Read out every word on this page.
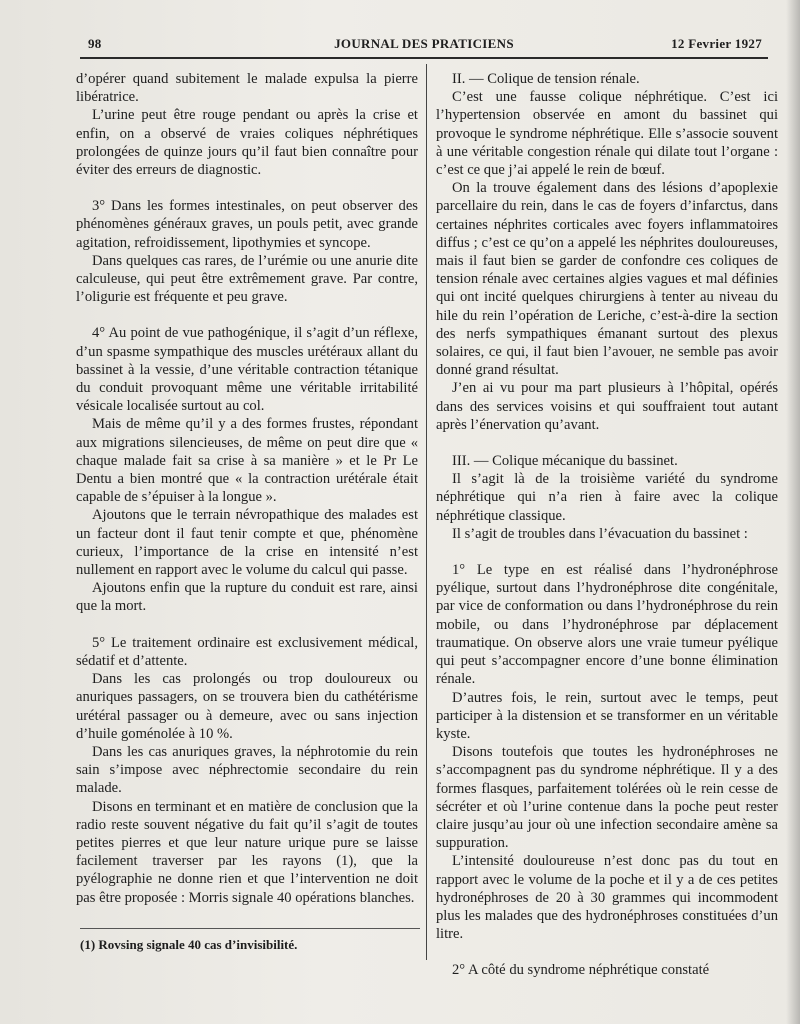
98	JOURNAL DES PRATICIENS	12 Fevrier 1927

d’opérer quand subitement le malade expulsa la pierre libératrice.

L’urine peut être rouge pendant ou après la crise et enfin, on a observé de vraies coliques néphrétiques prolongées de quinze jours qu’il faut bien connaître pour éviter des erreurs de diagnostic.

3° Dans les formes intestinales, on peut observer des phénomènes généraux graves, un pouls petit, avec grande agitation, refroidissement, lipothymies et syncope.

Dans quelques cas rares, de l’urémie ou une anurie dite calculeuse, qui peut être extrêmement grave. Par contre, l’oligurie est fréquente et peu grave.

4° Au point de vue pathogénique, il s’agit d’un réflexe, d’un spasme sympathique des muscles urétéraux allant du bassinet à la vessie, d’une véritable contraction tétanique du conduit provoquant même une véritable irritabilité vésicale localisée surtout au col.

Mais de même qu’il y a des formes frustes, répondant aux migrations silencieuses, de même on peut dire que « chaque malade fait sa crise à sa manière » et le Pr Le Dentu a bien montré que « la contraction urétérale était capable de s’épuiser à la longue ».

Ajoutons que le terrain névropathique des malades est un facteur dont il faut tenir compte et que, phénomène curieux, l’importance de la crise en intensité n’est nullement en rapport avec le volume du calcul qui passe.

Ajoutons enfin que la rupture du conduit est rare, ainsi que la mort.

5° Le traitement ordinaire est exclusivement médical, sédatif et d’attente.

Dans les cas prolongés ou trop douloureux ou anuriques passagers, on se trouvera bien du cathétérisme urétéral passager ou à demeure, avec ou sans injection d’huile goménolée à 10 %.

Dans les cas anuriques graves, la néphrotomie du rein sain s’impose avec néphrectomie secondaire du rein malade.

Disons en terminant et en matière de conclusion que la radio reste souvent négative du fait qu’il s’agit de toutes petites pierres et que leur nature urique pure se laisse facilement traverser par les rayons (1), que la pyélographie ne donne rien et que l’intervention ne doit pas être proposée : Morris signale 40 opérations blanches.

II. — Colique de tension rénale.

C’est une fausse colique néphrétique. C’est ici l’hypertension observée en amont du bassinet qui provoque le syndrome néphrétique. Elle s’associe souvent à une véritable congestion rénale qui dilate tout l’organe : c’est ce que j’ai appelé le rein de bœuf.

On la trouve également dans des lésions d’apoplexie parcellaire du rein, dans le cas de foyers d’infarctus, dans certaines néphrites corticales avec foyers inflammatoires diffus ; c’est ce qu’on a appelé les néphrites douloureuses, mais il faut bien se garder de confondre ces coliques de tension rénale avec certaines algies vagues et mal définies qui ont incité quelques chirurgiens à tenter au niveau du hile du rein l’opération de Leriche, c’est-à-dire la section des nerfs sympathiques émanant surtout des plexus solaires, ce qui, il faut bien l’avouer, ne semble pas avoir donné grand résultat.

J’en ai vu pour ma part plusieurs à l’hôpital, opérés dans des services voisins et qui souffraient tout autant après l’énervation qu’avant.

III. — Colique mécanique du bassinet.

Il s’agit là de la troisième variété du syndrome néphrétique qui n’a rien à faire avec la colique néphrétique classique.

Il s’agit de troubles dans l’évacuation du bassinet :

1° Le type en est réalisé dans l’hydronéphrose pyélique, surtout dans l’hydronéphrose dite congénitale, par vice de conformation ou dans l’hydronéphrose du rein mobile, ou dans l’hydronéphrose par déplacement traumatique. On observe alors une vraie tumeur pyélique qui peut s’accompagner encore d’une bonne élimination rénale.

D’autres fois, le rein, surtout avec le temps, peut participer à la distension et se transformer en un véritable kyste.

Disons toutefois que toutes les hydronéphroses ne s’accompagnent pas du syndrome néphrétique. Il y a des formes flasques, parfaitement tolérées où le rein cesse de sécréter et où l’urine contenue dans la poche peut rester claire jusqu’au jour où une infection secondaire amène sa suppuration.

L’intensité douloureuse n’est donc pas du tout en rapport avec le volume de la poche et il y a de ces petites hydronéphroses de 20 à 30 grammes qui incommodent plus les malades que des hydronéphroses constituées d’un litre.

2° A côté du syndrome néphrétique constaté

(1) Rovsing signale 40 cas d’invisibilité.
